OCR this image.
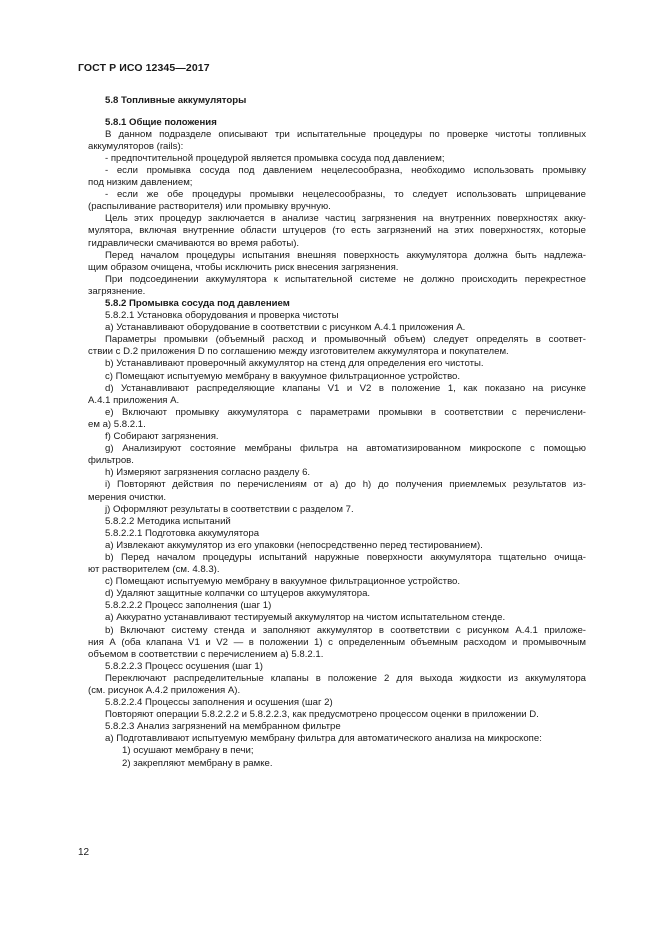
ГОСТ Р ИСО 12345—2017

5.8 Топливные аккумуляторы

5.8.1 Общие положения

В данном подразделе описывают три испытательные процедуры по проверке чистоты топливных

аккумуляторов (rails):

- предпочтительной процедурой является промывка сосуда под давлением;

- если промывка сосуда под давлением нецелесообразна, необходимо использовать промывку

под низким давлением;

- если же обе процедуры промывки нецелесообразны, то следует использовать шприцевание

(распыливание растворителя) или промывку вручную.

Цель этих процедур заключается в анализе частиц загрязнения на внутренних поверхностях акку-

мулятора, включая внутренние области штуцеров (то есть загрязнений на этих поверхностях, которые

гидравлически смачиваются во время работы).

Перед началом процедуры испытания внешняя поверхность аккумулятора должна быть надлежа-

щим образом очищена, чтобы исключить риск внесения загрязнения.

При подсоединении аккумулятора к испытательной системе не должно происходить перекрестное

загрязнение.

5.8.2 Промывка сосуда под давлением

5.8.2.1 Установка оборудования и проверка чистоты

а) Устанавливают оборудование в соответствии с рисунком А.4.1 приложения А.

Параметры промывки (объемный расход и промывочный объем) следует определять в соответ-

ствии с D.2 приложения D по соглашению между изготовителем аккумулятора и покупателем.

b) Устанавливают проверочный аккумулятор на стенд для определения его чистоты.

c) Помещают испытуемую мембрану в вакуумное фильтрационное устройство.

d) Устанавливают распределяющие клапаны V1 и V2 в положение 1, как показано на рисунке

А.4.1 приложения А.

е) Включают промывку аккумулятора с параметрами промывки в соответствии с перечислени-

ем а) 5.8.2.1.

f) Собирают загрязнения.

g) Анализируют состояние мембраны фильтра на автоматизированном микроскопе с помощью

фильтров.

h) Измеряют загрязнения согласно разделу 6.

i) Повторяют действия по перечислениям от а) до h) до получения приемлемых результатов из-

мерения очистки.

j) Оформляют результаты в соответствии с разделом 7.

5.8.2.2 Методика испытаний

5.8.2.2.1 Подготовка аккумулятора

а) Извлекают аккумулятор из его упаковки (непосредственно перед тестированием).

b) Перед началом процедуры испытаний наружные поверхности аккумулятора тщательно очища-

ют растворителем (см. 4.8.3).

c) Помещают испытуемую мембрану в вакуумное фильтрационное устройство.

d) Удаляют защитные колпачки со штуцеров аккумулятора.

5.8.2.2.2 Процесс заполнения (шаг 1)

а) Аккуратно устанавливают тестируемый аккумулятор на чистом испытательном стенде.

b) Включают систему стенда и заполняют аккумулятор в соответствии с рисунком А.4.1 приложе-

ния А (оба клапана V1 и V2 — в положении 1) с определенным объемным расходом и промывочным

объемом в соответствии с перечислением а) 5.8.2.1.

5.8.2.2.3 Процесс осушения (шаг 1)

Переключают распределительные клапаны в положение 2 для выхода жидкости из аккумулятора

(см. рисунок А.4.2 приложения А).

5.8.2.2.4 Процессы заполнения и осушения (шаг 2)

Повторяют операции 5.8.2.2.2 и 5.8.2.2.3, как предусмотрено процессом оценки в приложении D.

5.8.2.3 Анализ загрязнений на мембранном фильтре

а) Подготавливают испытуемую мембрану фильтра для автоматического анализа на микроскопе:

1) осушают мембрану в печи;

2) закрепляют мембрану в рамке.

12
